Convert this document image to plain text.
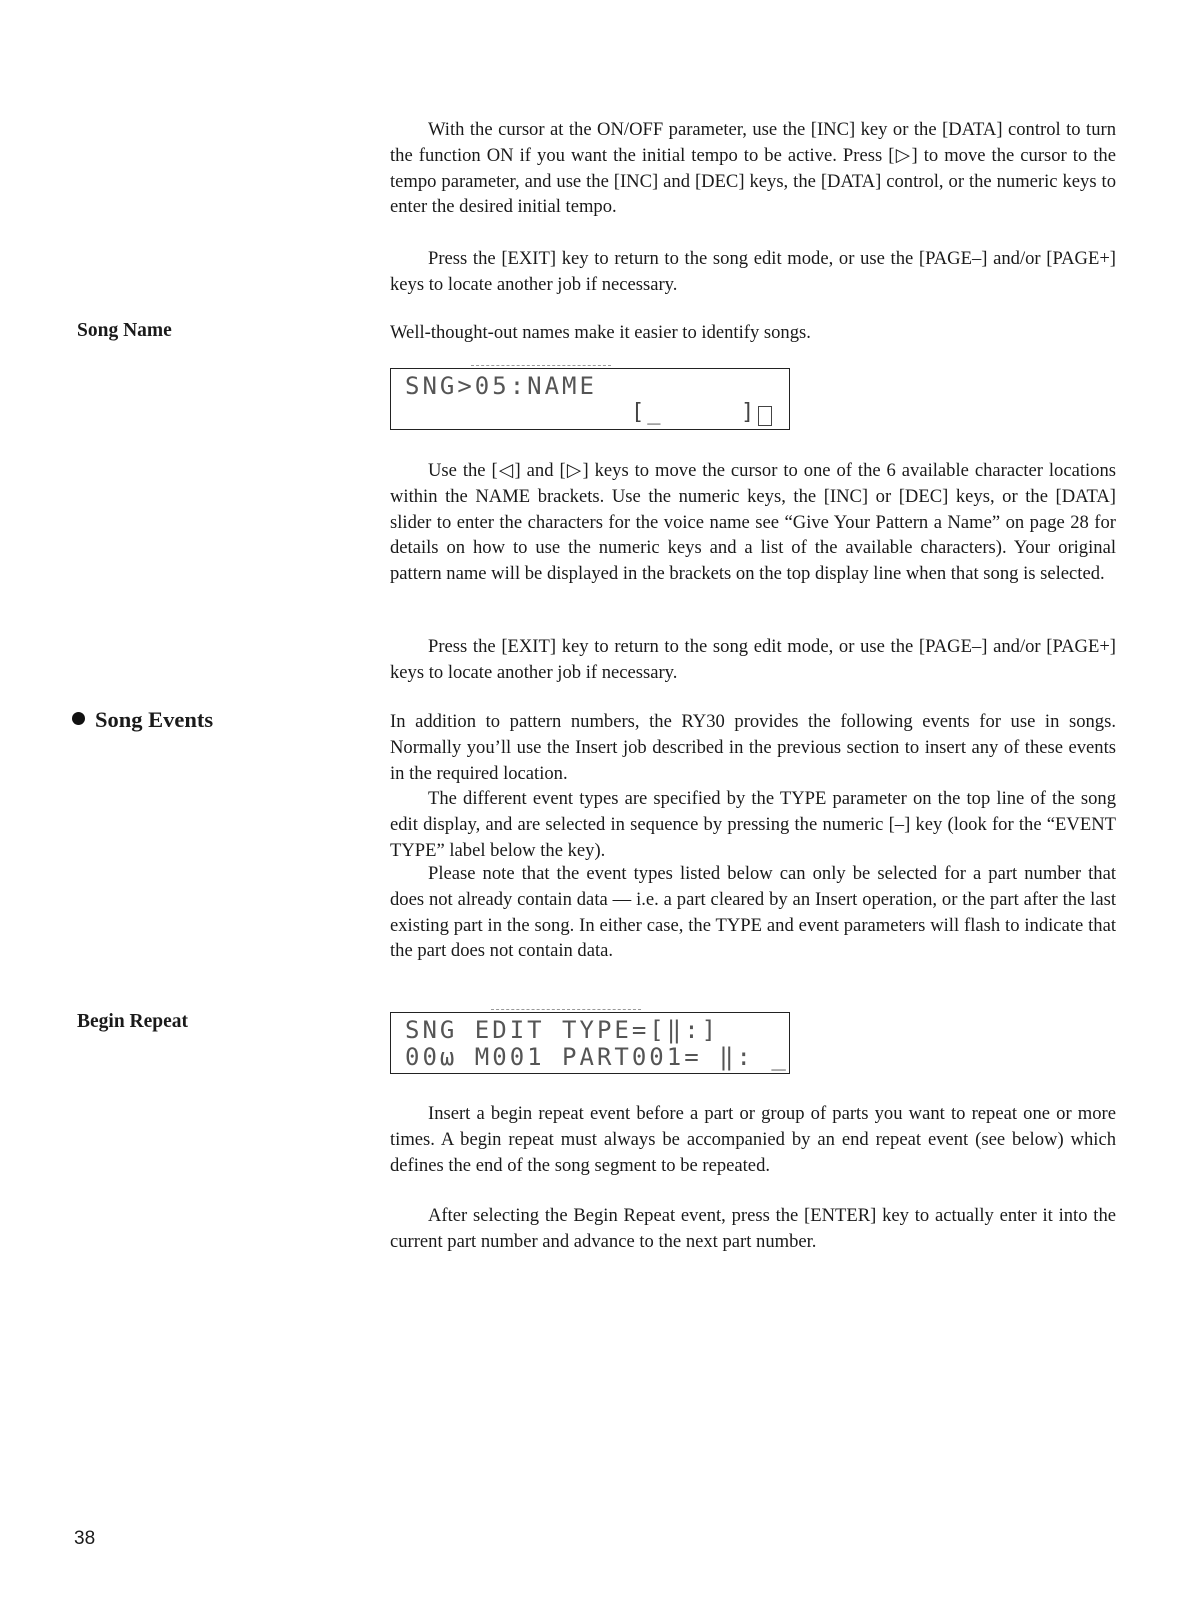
With the cursor at the ON/OFF parameter, use the [INC] key or the [DATA] control to turn the function ON if you want the initial tempo to be active. Press [▷] to move the cursor to the tempo parameter, and use the [INC] and [DEC] keys, the [DATA] control, or the numeric keys to enter the desired initial tempo.

Press the [EXIT] key to return to the song edit mode, or use the [PAGE–] and/or [PAGE+] keys to locate another job if necessary.

Song Name	Well-thought-out names make it easier to identify songs.

SNG>05:NAME
[_	]

Use the [◁] and [▷] keys to move the cursor to one of the 6 available character locations within the NAME brackets. Use the numeric keys, the [INC] or [DEC] keys, or the [DATA] slider to enter the characters for the voice name see “Give Your Pattern a Name” on page 28 for details on how to use the numeric keys and a list of the available characters). Your original pattern name will be displayed in the brackets on the top display line when that song is selected.

Press the [EXIT] key to return to the song edit mode, or use the [PAGE–] and/or [PAGE+] keys to locate another job if necessary.

Song Events	In addition to pattern numbers, the RY30 provides the following events for use in songs. Normally you’ll use the Insert job described in the previous section to insert any of these events in the required location.

The different event types are specified by the TYPE parameter on the top line of the song edit display, and are selected in sequence by pressing the numeric [–] key (look for the “EVENT TYPE” label below the key).

Please note that the event types listed below can only be selected for a part number that does not already contain data — i.e. a part cleared by an Insert operation, or the part after the last existing part in the song. In either case, the TYPE and event parameters will flash to indicate that the part does not contain data.

Begin Repeat	SNG EDIT TYPE=[‖:]
00ω M001 PART001= ‖: _

Insert a begin repeat event before a part or group of parts you want to repeat one or more times. A begin repeat must always be accompanied by an end repeat event (see below) which defines the end of the song segment to be repeated.

After selecting the Begin Repeat event, press the [ENTER] key to actually enter it into the current part number and advance to the next part number.

38
